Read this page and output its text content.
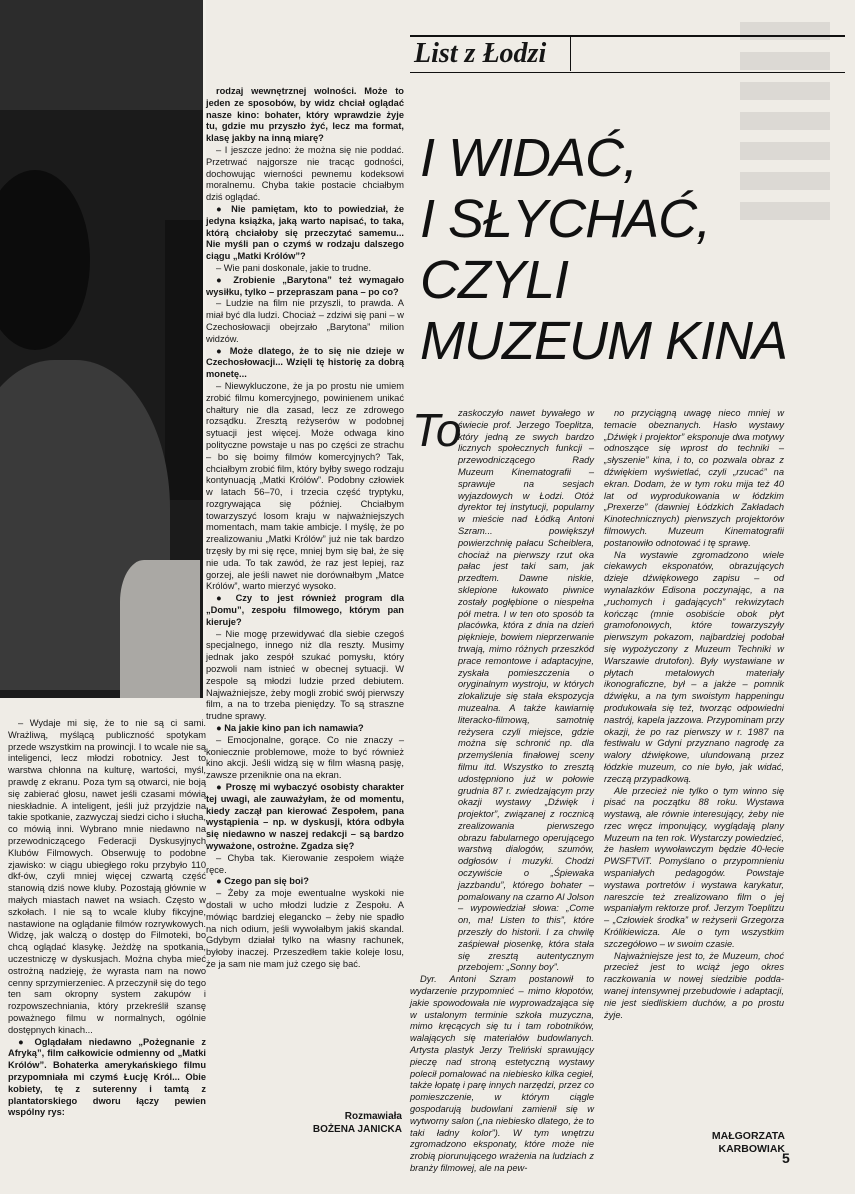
List z Łodzi
I WIDAĆ,
I SŁYCHAĆ,
CZYLI
MUZEUM KINA

rodzaj wewnętrznej wolności. Może to jeden ze sposobów, by widz chciał oglądać nasze kino: bohater, który wprawdzie żyje tu, gdzie mu przyszło żyć, lecz ma format, klasę jakby na inną miarę?

– I jeszcze jedno: że można się nie poddać. Przetrwać najgorsze nie tracąc godności, dochowując wierności pewnemu kodeksowi moralnemu. Chyba takie postacie chciałbym dziś oglądać.

● Nie pamiętam, kto to powiedział, że jedyna książka, jaką warto napisać, to taka, którą chciałoby się przeczytać samemu... Nie myśli pan o czymś w rodzaju dalszego ciągu „Matki Królów”?

– Wie pani doskonale, jakie to trudne.

● Zrobienie „Barytona” też wymagało wysiłku, tylko – przepraszam pana – po co?

– Ludzie na film nie przyszli, to prawda. A miał być dla ludzi. Chociaż – zdziwi się pani – w Czechosłowacji obejrzało „Barytona” milion widzów.

● Może dlatego, że to się nie dzieje w Czechosłowacji... Wzięli tę historię za dobrą monetę...

– Niewykluczone, że ja po prostu nie umiem zrobić filmu komercyjnego, powinienem unikać chałtury nie dla zasad, lecz ze zdrowego rozsądku. Zresztą reżyserów w podobnej sytuacji jest więcej. Może odwaga kino polityczne powstaje u nas po części ze strachu – bo się boimy filmów komercyjnych? Tak, chciałbym zrobić film, który byłby swego rodzaju kontynuacją „Matki Królów”. Podobny człowiek w latach 56–70, i trzecia część tryptyku, rozgrywająca się później. Chciałbym towarzyszyć losom kraju w najważniejszych momentach, mam takie ambicje. I myślę, że po zrealizowaniu „Matki Królów” już nie tak bardzo trzęsły by mi się ręce, mniej bym się bał, że się nie uda. To tak zawód, że raz jest lepiej, raz gorzej, ale jeśli nawet nie dorównałbym „Matce Królów”, warto mierzyć wysoko.

● Czy to jest również program dla „Domu”, zespołu filmowego, którym pan kieruje?

– Nie mogę przewidywać dla siebie czegoś specjalnego, innego niż dla reszty. Musimy jednak jako zespół szukać pomysłu, który pozwoli nam istnieć w obecnej sytuacji. W zespole są młodzi ludzie przed debiutem. Najważniejsze, żeby mogli zrobić swój pierwszy film, a na to trzeba pieniędzy. To są straszne trudne sprawy.

● Na jakie kino pan ich namawia?

– Emocjonalne, gorące. Co nie znaczy – koniecznie problemowe, może to być również kino akcji. Jeśli widzą się w film własną pasję, zawsze przeniknie ona na ekran.

● Proszę mi wybaczyć osobisty charakter tej uwagi, ale zauważyłam, że od momentu, kiedy zaczął pan kierować Zespołem, pana wystąpienia – np. w dyskusji, która odbyła się niedawno w naszej redakcji – są bardzo wyważone, ostrożne. Zgadza się?

– Chyba tak. Kierowanie zespołem wiąże ręce.

● Czego pan się boi?

– Żeby za moje ewentualne wyskoki nie dostali w ucho młodzi ludzie z Zespołu. A mówiąc bardziej elegancko – żeby nie spadło na nich odium, jeśli wywołałbym jakiś skandal. Gdybym działał tylko na własny rachunek, byłoby inaczej. Przeszedłem takie koleje losu, że ja sam nie mam już czego się bać.

– Wydaje mi się, że to nie są ci sami. Wrażliwą, myślącą publiczność spotykam przede wszystkim na prowincji. I to wcale nie są inteligenci, lecz młodzi robotnicy. Jest to warstwa chłonna na kulturę, wartości, myśl, prawdę z ekranu. Poza tym są otwarci, nie boją się zabierać głosu, nawet jeśli czasami mówią nieskładnie. A inteligent, jeśli już przyjdzie na takie spotkanie, zazwyczaj siedzi cicho i słucha, co mówią inni. Wybrano mnie niedawno na przewodniczącego Federacji Dyskusyjnych Klubów Filmowych. Obserwuję to podobne zjawisko: w ciągu ubiegłego roku przybyło 110 dkf-ów, czyli mniej więcej czwartą część stanowią dziś nowe kluby. Pozostają głównie w małych miastach nawet na wsiach. Często w szkołach. I nie są to wcale kluby fikcyjne, nastawione na oglądanie filmów rozrywkowych. Widzę, jak walczą o dostęp do Filmoteki, bo chcą oglądać klasykę. Jeżdżę na spotkania, uczestniczę w dyskusjach. Można chyba mieć ostrożną nadzieję, że wyrasta nam na nowo cenny sprzymierzeniec. A przeczynił się do tego ten sam okropny system zakupów i rozpowszechniania, który przekreślił szansę poważnego filmu w normalnych, ogólnie dostępnych kinach...

● Oglądałam niedawno „Pożegnanie z Afryką”, film całkowicie odmienny od „Matki Królów”. Bohaterka amerykańskiego filmu przypomniała mi czymś Łucję Król... Obie kobiety, tę z suterenny i tamtą z plantatorskiego dworu łączy pewien wspólny rys:	Rozmawiała
BOŻENA JANICKA
To

zaskoczyło nawet bywałego w świecie prof. Jerzego Toeplitza, który jedną ze swych bardzo licznych społecznych funkcji – przewodniczącego Rady Muzeum Kinematografii – sprawuje na sesjach wyjazdowych w Łodzi. Otóż dyrektor tej instytucji, popularny w mieście nad Łódką Antoni Szram... powiększył powierzchnię pałacu Scheiblera, chociaż na pierwszy rzut oka pałac jest taki sam, jak przedtem. Dawne niskie, sklepione łukowato piwnice zostały pogłębione o niespełna pół metra. I w ten oto sposób ta placówka, która z dnia na dzień pięknieje, bowiem nieprzerwanie trwają, mimo różnych przeszkód prace remontowe i adaptacyjne, zyskała pomieszczenia o oryginalnym wystroju, w których zlokalizuje się stała ekspozycja muzealna. A także kawiarnię literacko-filmową, samotnię reżysera czyli miejsce, gdzie można się schronić np. dla przemyślenia finałowej sceny filmu itd. Wszystko to zresztą udostępniono już w połowie grudnia 87 r. zwiedzającym przy okazji wystawy „Dźwięk i projektor”, związanej z rocznicą zrealizowania pierwszego obrazu fabularnego operującego warstwą dialogów, szumów, odgłosów i muzyki. Chodzi oczywiście o „Śpiewaka jazzbandu”, którego bohater – pomalowany na czarno Al Jolson – wypowiedział słowa: „Come on, ma! Listen to this”, które przeszły do historii. I za chwilę zaśpiewał piosenkę, która stała się zresztą autentycznym przebojem: „Sonny boy”.

Dyr. Antoni Szram postanowił to wydarzenie przypomnieć – mimo kłopotów, jakie spowodowała nie wyprowadzająca się w ustalonym terminie szkoła muzyczna, mimo kręcących się tu i tam robotników, walających się materiałów budowlanych. Artysta plastyk Jerzy Treliński sprawujący pieczę nad stroną estetyczną wystawy polecił pomalować na niebiesko kilka cegieł, także łopatę i parę innych narzędzi, przez co pomieszczenie, w którym ciągle gospodarują budowlani zamienił się w wytworny salon („na niebiesko dlatego, że to taki ładny kolor”). W tym wnętrzu zgromadzono eksponaty, które może nie zrobią piorunującego wrażenia na ludziach z branży filmowej, ale na pew-

no przyciągną uwagę nieco mniej w temacie obeznanych. Hasło wystawy „Dźwięk i projektor” eksponuje dwa motywy odnoszące się wprost do techniki – „słyszenie” kina, i to, co pozwala obraz z dźwiękiem wyświetlać, czyli „rzucać” na ekran. Dodam, że w tym roku mija też 40 lat od wyprodukowania w łódzkim „Prexerze” (dawniej Łódzkich Zakładach Kinotechnicznych) pierwszych projektorów filmowych. Muzeum Kinematografii postanowiło odnotować i tę sprawę.

Na wystawie zgromadzono wiele ciekawych eksponatów, obrazujących dzieje dźwiękowego zapisu – od wynalazków Edisona poczynając, a na „ruchomych i gadających” rekwizytach kończąc (mnie osobiście obok płyt gramofonowych, które towarzyszyły pierwszym pokazom, najbardziej podobał się wypożyczony z Muzeum Techniki w Warszawie drutofon). Były wystawiane w płytach metalowych materiały ikonograficzne, był – a jakże – pomnik dźwięku, a na tym swoistym happeningu produkowała się też, tworząc odpowiedni nastrój, kapela jazzowa. Przypominam przy okazji, że po raz pierwszy w r. 1987 na festiwalu w Gdyni przyznano nagrodę za walory dźwiękowe, ulundowaną przez łódzkie muzeum, co nie było, jak widać, rzeczą przypadkową.

Ale przecież nie tylko o tym winno się pisać na początku 88 roku. Wystawa wystawą, ale równie interesujący, żeby nie rzec wręcz imponujący, wyglądają plany Muzeum na ten rok. Wystarczy powiedzieć, że hasłem wywoławczym będzie 40-lecie PWSFTViT. Pomyślano o przypomnieniu wspaniałych pedagogów. Powstaje wystawa portretów i wystawa karykatur, nareszcie też zrealizowano film o jej wspaniałym rektorze prof. Jerzym Toeplitzu – „Człowiek środka” w reżyserii Grzegorza Królikiewicza. Ale o tym wszystkim szczegółowo – w swoim czasie.

Najważniejsze jest to, że Muzeum, choć przecież jest to wciąż jego okres raczkowania w nowej siedzibie podda-wanej intensywnej przebudowie i adaptacji, nie jest siedliskiem duchów, a po prostu żyje.

MAŁGORZATA
KARBOWIAK
5
